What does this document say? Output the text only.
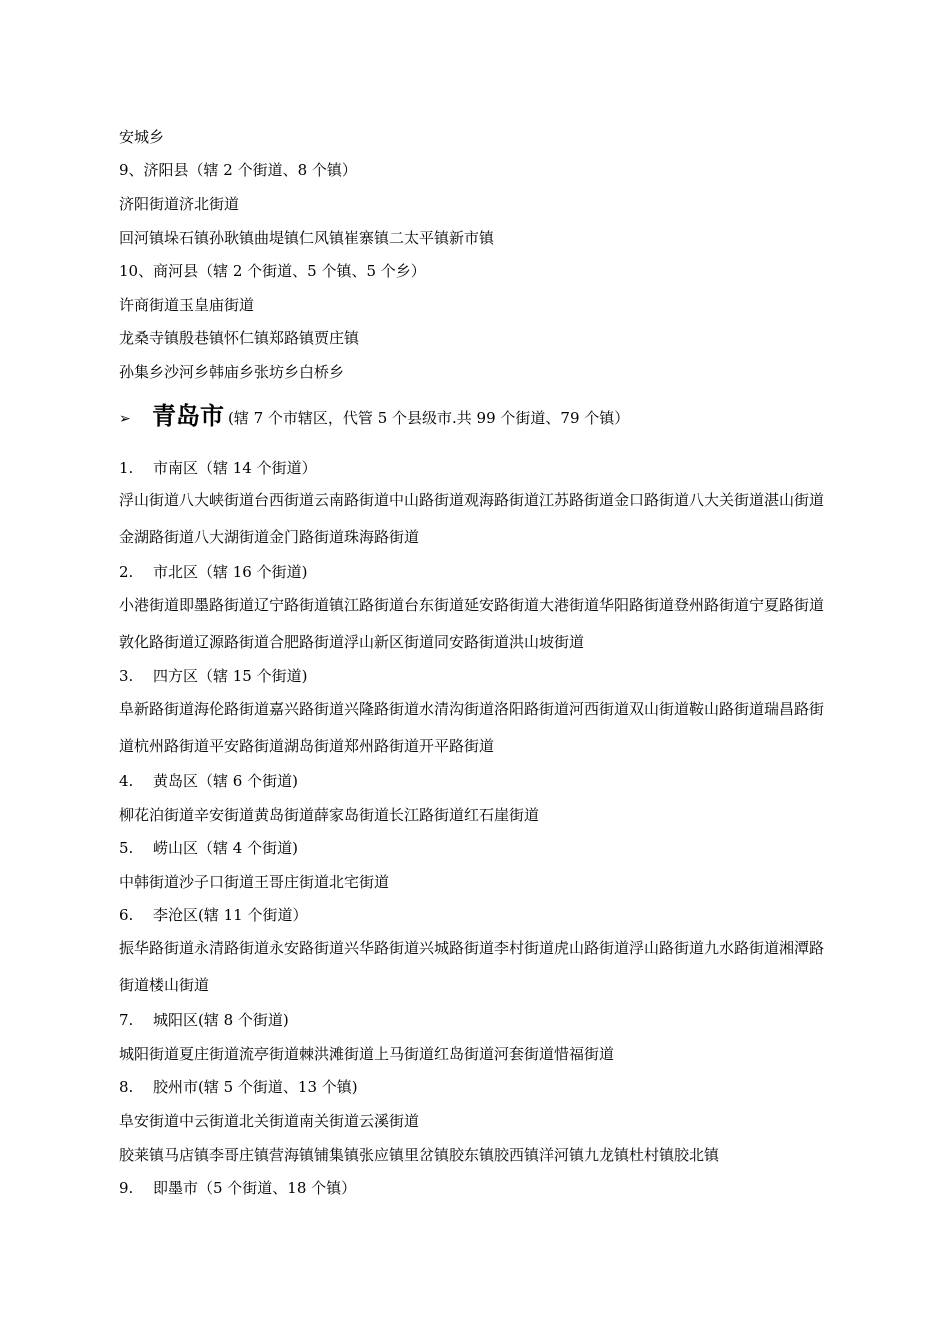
安城乡
9、济阳县（辖 2 个街道、8 个镇）
济阳街道济北街道
回河镇垛石镇孙耿镇曲堤镇仁风镇崔寨镇二太平镇新市镇
10、商河县（辖 2 个街道、5 个镇、5 个乡）
许商街道玉皇庙街道
龙桑寺镇殷巷镇怀仁镇郑路镇贾庄镇
孙集乡沙河乡韩庙乡张坊乡白桥乡
➢ 青岛市 (辖 7 个市辖区，代管 5 个县级市.共 99 个街道、79 个镇）
1. 市南区（辖 14 个街道）
浮山街道八大峡街道台西街道云南路街道中山路街道观海路街道江苏路街道金口路街道八大关街道湛山街道金湖路街道八大湖街道金门路街道珠海路街道
2. 市北区（辖 16 个街道)
小港街道即墨路街道辽宁路街道镇江路街道台东街道延安路街道大港街道华阳路街道登州路街道宁夏路街道敦化路街道辽源路街道合肥路街道浮山新区街道同安路街道洪山坡街道
3. 四方区（辖 15 个街道)
阜新路街道海伦路街道嘉兴路街道兴隆路街道水清沟街道洛阳路街道河西街道双山街道鞍山路街道瑞昌路街道杭州路街道平安路街道湖岛街道郑州路街道开平路街道
4. 黄岛区（辖 6 个街道)
柳花泊街道辛安街道黄岛街道薛家岛街道长江路街道红石崖街道
5. 崂山区（辖 4 个街道)
中韩街道沙子口街道王哥庄街道北宅街道
6. 李沧区(辖 11 个街道）
振华路街道永清路街道永安路街道兴华路街道兴城路街道李村街道虎山路街道浮山路街道九水路街道湘潭路街道楼山街道
7. 城阳区(辖 8 个街道)
城阳街道夏庄街道流亭街道棘洪滩街道上马街道红岛街道河套街道惜福街道
8. 胶州市(辖 5 个街道、13 个镇)
阜安街道中云街道北关街道南关街道云溪街道
胶莱镇马店镇李哥庄镇营海镇铺集镇张应镇里岔镇胶东镇胶西镇洋河镇九龙镇杜村镇胶北镇
9. 即墨市（5 个街道、18 个镇）
